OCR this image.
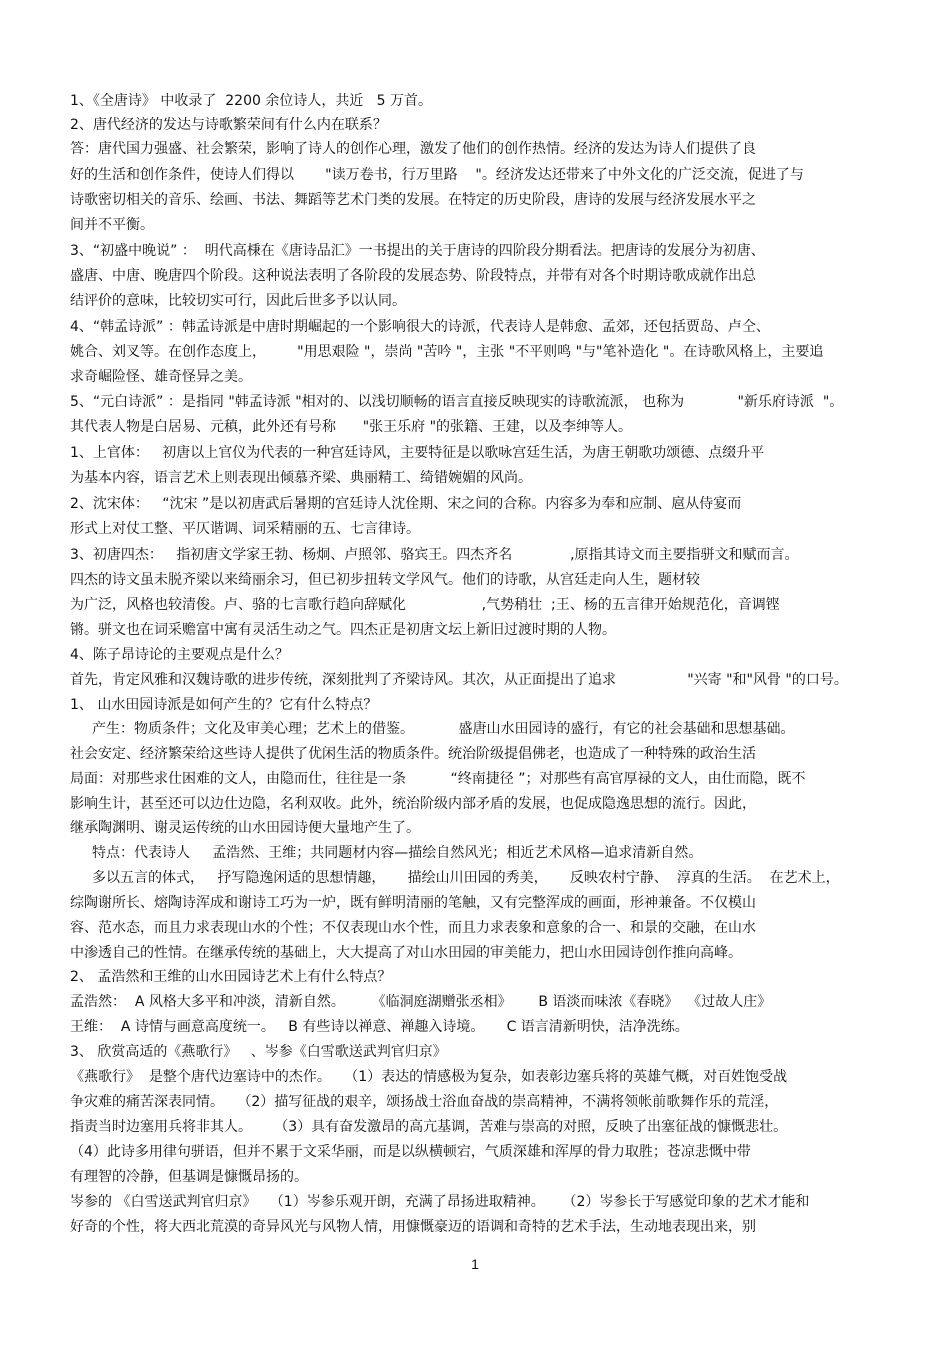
1、《全唐诗》 中收录了  2200 余位诗人，共近   5 万首。
2、唐代经济的发达与诗歌繁荣间有什么内在联系？
答：唐代国力强盛、社会繁荣，影响了诗人的创作心理，激发了他们的创作热情。经济的发达为诗人们提供了良
好的生活和创作条件，使诗人们得以       "读万卷书，行万里路    "。经济发达还带来了中外文化的广泛交流，促进了与
诗歌密切相关的音乐、绘画、书法、舞蹈等艺术门类的发展。在特定的历史阶段，唐诗的发展与经济发展水平之
间并不平衡。
3、“初盛中晚说” ：  明代高棅在《唐诗品汇》一书提出的关于唐诗的四阶段分期看法。把唐诗的发展分为初唐、
盛唐、中唐、晚唐四个阶段。这种说法表明了各阶段的发展态势、阶段特点，并带有对各个时期诗歌成就作出总
结评价的意味，比较切实可行，因此后世多予以认同。
4、“韩孟诗派” ：韩孟诗派是中唐时期崛起的一个影响很大的诗派，代表诗人是韩愈、孟郊，还包括贾岛、卢仝、
姚合、刘叉等。在创作态度上，       "用思艰险 "，崇尚 "苦吟 "，主张 "不平则鸣 "与"笔补造化 "。在诗歌风格上，主要追
求奇崛险怪、雄奇怪异之美。
5、“元白诗派” ：是指同 "韩孟诗派 "相对的、以浅切顺畅的语言直接反映现实的诗歌流派， 也称为            "新乐府诗派  "。
其代表人物是白居易、元稹，此外还有号称      "张王乐府 "的张籍、王建，以及李绅等人。
1、上官体：   初唐以上官仪为代表的一种宫廷诗风，主要特征是以歌咏宫廷生活，为唐王朝歌功颂德、点缀升平
为基本内容，语言艺术上则表现出倾慕齐梁、典丽精工、绮错婉媚的风尚。
2、沈宋体：   “沈宋 ”是以初唐武后暑期的宫廷诗人沈佺期、宋之问的合称。内容多为奉和应制、扈从侍宴而
形式上对仗工整、平仄谐调、词采精丽的五、七言律诗。
3、初唐四杰：   指初唐文学家王勃、杨炯、卢照邻、骆宾王。四杰齐名             ,原指其诗文而主要指骈文和赋而言。
四杰的诗文虽未脱齐梁以来绮丽余习，但已初步扭转文学风气。他们的诗歌，从宫廷走向人生，题材较
为广泛，风格也较清俊。卢、骆的七言歌行趋向辞赋化                 ,气势稍壮  ;王、杨的五言律开始规范化，音调铿
锵。骈文也在词采赡富中寓有灵活生动之气。四杰正是初唐文坛上新旧过渡时期的人物。
4、陈子昂诗论的主要观点是什么？
首先，肯定风雅和汉魏诗歌的进步传统，深刻批判了齐梁诗风。其次，从正面提出了追求                "兴寄 "和"风骨 "的口号。
1、 山水田园诗派是如何产生的？它有什么特点？
产生：物质条件；文化及审美心理；艺术上的借鉴。          盛唐山水田园诗的盛行，有它的社会基础和思想基础。
社会安定、经济繁荣给这些诗人提供了优闲生活的物质条件。统治阶级提倡佛老，也造成了一种特殊的政治生活
局面：对那些求仕困难的文人，由隐而仕，往往是一条          “终南捷径 ”；对那些有高官厚禄的文人，由仕而隐，既不
影响生计，甚至还可以边仕边隐，名利双收。此外，统治阶级内部矛盾的发展，也促成隐逸思想的流行。因此，
继承陶渊明、谢灵运传统的山水田园诗便大量地产生了。
特点：代表诗人     孟浩然、王维；共同题材内容—描绘自然风光；相近艺术风格—追求清新自然。
多以五言的体式，   抒写隐逸闲适的思想情趣，     描绘山川田园的秀美，     反映农村宁静、  淳真的生活。  在艺术上，
综陶谢所长、熔陶诗浑成和谢诗工巧为一炉，既有鲜明清丽的笔触，又有完整浑成的画面，形神兼备。不仅模山
容、范水态，而且力求表现山水的个性；不仅表现山水个性，而且力求表象和意象的合一、和景的交融，在山水
中渗透自己的性情。在继承传统的基础上，大大提高了对山水田园的审美能力，把山水田园诗创作推向高峰。
2、 孟浩然和王维的山水田园诗艺术上有什么特点？
孟浩然：  A 风格大多平和冲淡，清新自然。      《临洞庭湖赠张丞相》      B 语淡而味浓《春晓》  《过故人庄》
王维：  A 诗情与画意高度统一。   B 有些诗以禅意、禅趣入诗境。     C 语言清新明快，洁净洗练。
3、 欣赏高适的《燕歌行》   、岑参《白雪歌送武判官归京》
《燕歌行》  是整个唐代边塞诗中的杰作。   （1）表达的情感极为复杂，如表彰边塞兵将的英雄气概，对百姓饱受战
争灾难的痛苦深表同情。   （2）描写征战的艰辛，颂扬战士浴血奋战的崇高精神，不满将领帐前歌舞作乐的荒淫，
指责当时边塞用兵将非其人。     （3）具有奋发激昂的高亢基调，苦难与崇高的对照，反映了出塞征战的慷慨悲壮。
（4）此诗多用律句骈语，但并不累于文采华丽，而是以纵横顿宕，气质深雄和浑厚的骨力取胜；苍凉悲慨中带
有理智的冷静，但基调是慷慨昂扬的。
岑参的 《白雪送武判官归京》   （1）岑参乐观开朗，充满了昂扬进取精神。    （2）岑参长于写感觉印象的艺术才能和
好奇的个性，将大西北荒漠的奇异风光与风物人情，用慷慨豪迈的语调和奇特的艺术手法，生动地表现出来，别
1
